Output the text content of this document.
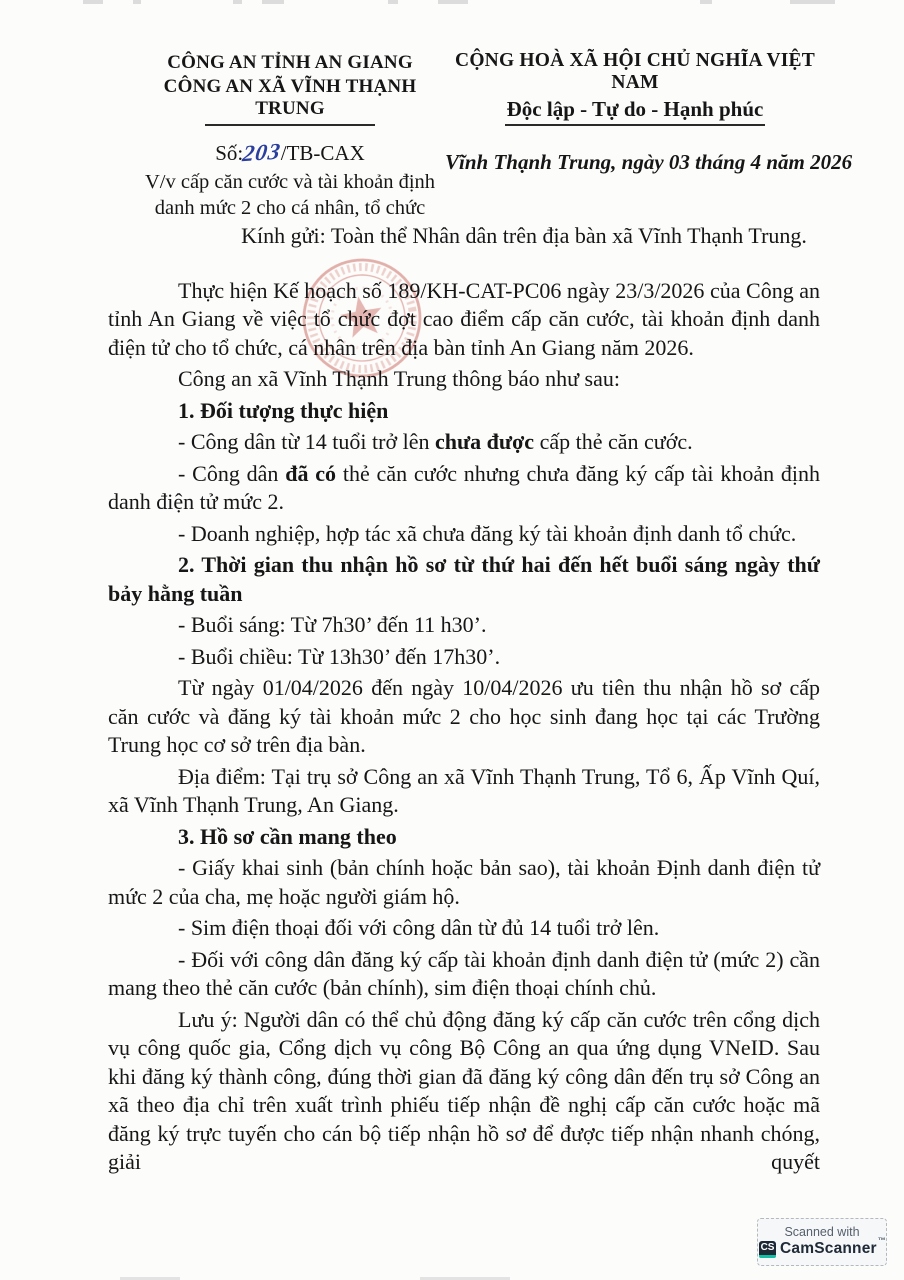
CÔNG AN TỈNH AN GIANG
CÔNG AN XÃ VĨNH THẠNH TRUNG
Số:203/TB-CAX
V/v cấp căn cước và tài khoản định danh mức 2 cho cá nhân, tổ chức
CỘNG HOÀ XÃ HỘI CHỦ NGHĨA VIỆT NAM
Độc lập - Tự do - Hạnh phúc
Vĩnh Thạnh Trung, ngày 03 tháng 4 năm 2026

Kính gửi: Toàn thể Nhân dân trên địa bàn xã Vĩnh Thạnh Trung.

Thực hiện Kế hoạch số 189/KH-CAT-PC06 ngày 23/3/2026 của Công an tỉnh An Giang về việc tổ chức đợt cao điểm cấp căn cước, tài khoản định danh điện tử cho tổ chức, cá nhân trên địa bàn tỉnh An Giang năm 2026.

Công an xã Vĩnh Thạnh Trung thông báo như sau:

1. Đối tượng thực hiện

- Công dân từ 14 tuổi trở lên chưa được cấp thẻ căn cước.

- Công dân đã có thẻ căn cước nhưng chưa đăng ký cấp tài khoản định danh điện tử mức 2.

- Doanh nghiệp, hợp tác xã chưa đăng ký tài khoản định danh tổ chức.

2. Thời gian thu nhận hồ sơ từ thứ hai đến hết buổi sáng ngày thứ bảy hằng tuần

- Buổi sáng: Từ 7h30’ đến 11 h30’.

- Buổi chiều: Từ 13h30’ đến 17h30’.

Từ ngày 01/04/2026 đến ngày 10/04/2026 ưu tiên thu nhận hồ sơ cấp căn cước và đăng ký tài khoản mức 2 cho học sinh đang học tại các Trường Trung học cơ sở trên địa bàn.

Địa điểm: Tại trụ sở Công an xã Vĩnh Thạnh Trung, Tổ 6, Ấp Vĩnh Quí, xã Vĩnh Thạnh Trung, An Giang.

3. Hồ sơ cần mang theo

- Giấy khai sinh (bản chính hoặc bản sao), tài khoản Định danh điện tử mức 2 của cha, mẹ hoặc người giám hộ.

- Sim điện thoại đối với công dân từ đủ 14 tuổi trở lên.

- Đối với công dân đăng ký cấp tài khoản định danh điện tử (mức 2) cần mang theo thẻ căn cước (bản chính), sim điện thoại chính chủ.

Lưu ý: Người dân có thể chủ động đăng ký cấp căn cước trên cổng dịch vụ công quốc gia, Cổng dịch vụ công Bộ Công an qua ứng dụng VNeID. Sau khi đăng ký thành công, đúng thời gian đã đăng ký công dân đến trụ sở Công an xã theo địa chỉ trên xuất trình phiếu tiếp nhận đề nghị cấp căn cước hoặc mã đăng ký trực tuyến cho cán bộ tiếp nhận hồ sơ để được tiếp nhận nhanh chóng, giải quyết

Scanned with
CS CamScanner™
